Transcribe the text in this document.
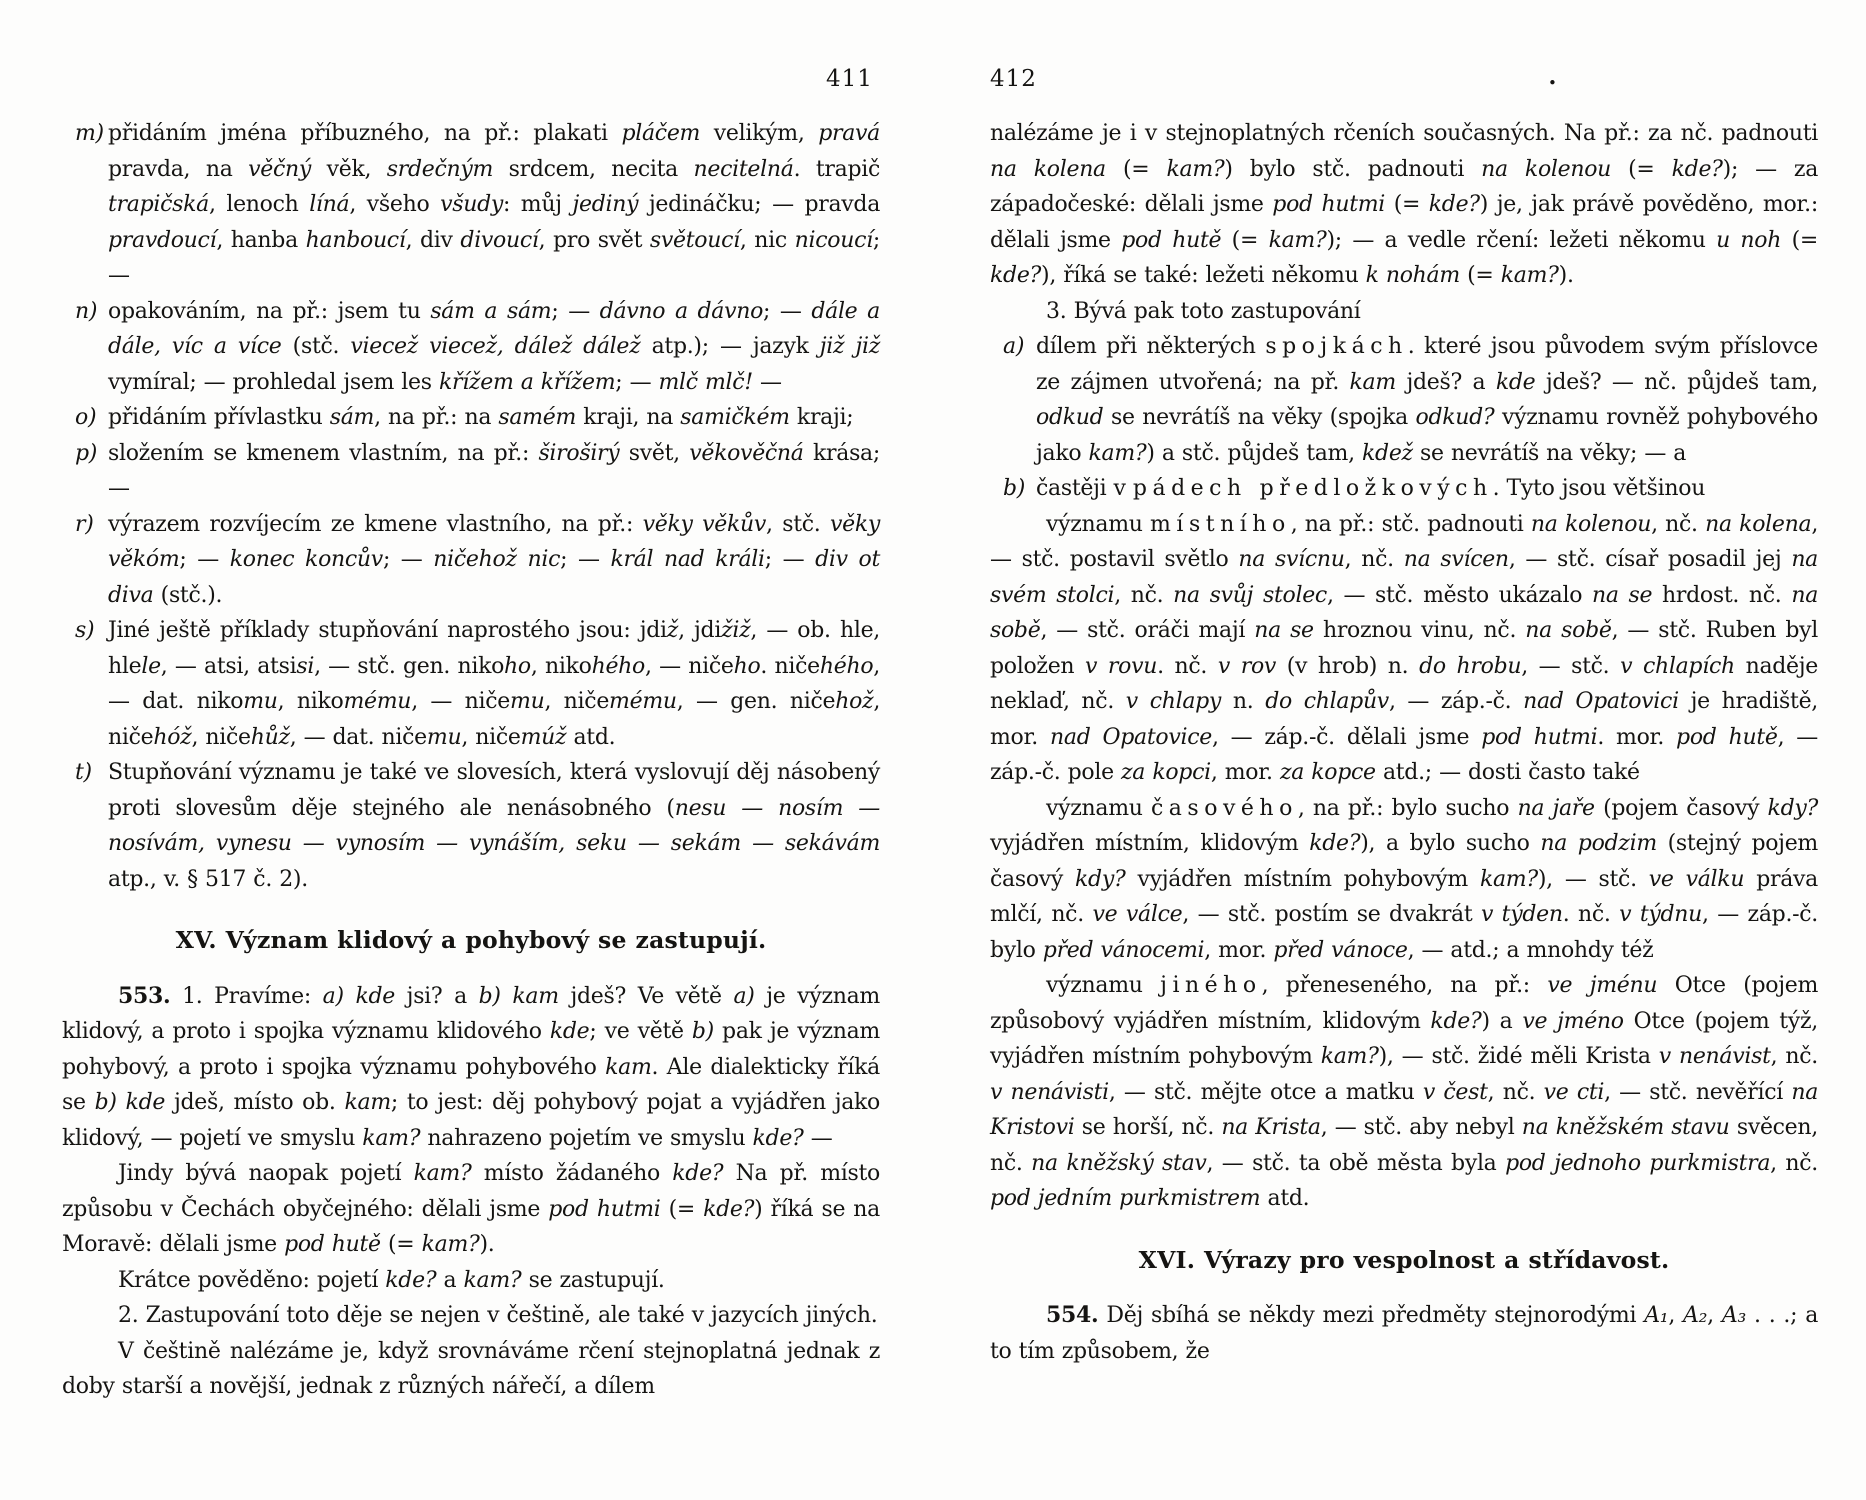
411	412	•
m) přidáním jména příbuzného, na př.: plakati pláčem velikým, pravá pravda, na věčný věk, srdečným srdcem, necita necitelná. trapič trapičská, lenoch líná, všeho všudy: můj jediný jedináčku; — pravda pravdoucí, hanba hanboucí, div divoucí, pro svět světoucí, nic nicoucí; —
n) opakováním, na př.: jsem tu sám a sám; — dávno a dávno; — dále a dále, víc a více (stč. viecež viecež, dálež dálež atp.); — jazyk již již vymíral; — prohledal jsem les křížem a křížem; — mlč mlč! —
o) přidáním přívlastku sám, na př.: na samém kraji, na samičkém kraji;
p) složením se kmenem vlastním, na př.: široširý svět, věkověčná krása; —
r) výrazem rozvíjecím ze kmene vlastního, na př.: věky věkův, stč. věky věkóm; — konec koncův; — ničehož nic; — král nad králi; — div ot diva (stč.).
s) Jiné ještě příklady stupňování naprostého jsou: jdiž, jdižiž, — ob. hle, hlele, — atsi, atsisi, — stč. gen. nikoho, nikohého, — ničeho. ničehého, — dat. nikomu, nikomému, — ničemu, ničemému, — gen. ničehož, ničehóž, ničehůž, — dat. ničemu, ničemúž atd.
t) Stupňování významu je také ve slovesích, která vyslovují děj násobený proti slovesům děje stejného ale nenásobného (nesu — nosím — nosívám, vynesu — vynosím — vynáším, seku — sekám — sekávám atp., v. § 517 č. 2).
XV. Význam klidový a pohybový se zastupují.

553. 1. Pravíme: a) kde jsi? a b) kam jdeš? Ve větě a) je význam klidový, a proto i spojka významu klidového kde; ve větě b) pak je význam pohybový, a proto i spojka významu pohybového kam. Ale dialekticky říká se b) kde jdeš, místo ob. kam; to jest: děj pohybový pojat a vyjádřen jako klidový, — pojetí ve smyslu kam? nahrazeno pojetím ve smyslu kde? —

Jindy bývá naopak pojetí kam? místo žádaného kde? Na př. místo způsobu v Čechách obyčejného: dělali jsme pod hutmi (= kde?) říká se na Moravě: dělali jsme pod hutě (= kam?).

Krátce pověděno: pojetí kde? a kam? se zastupují.

2. Zastupování toto děje se nejen v češtině, ale také v jazycích jiných.

V češtině nalézáme je, když srovnáváme rčení stejnoplatná jednak z doby starší a novější, jednak z různých nářečí, a dílem

nalézáme je i v stejnoplatných rčeních současných. Na př.: za nč. padnouti na kolena (= kam?) bylo stč. padnouti na kolenou (= kde?); — za západočeské: dělali jsme pod hutmi (= kde?) je, jak právě pověděno, mor.: dělali jsme pod hutě (= kam?); — a vedle rčení: ležeti někomu u noh (= kde?), říká se také: ležeti někomu k nohám (= kam?).

3. Bývá pak toto zastupování

a) dílem při některých spojkách. které jsou původem svým příslovce ze zájmen utvořená; na př. kam jdeš? a kde jdeš? — nč. půjdeš tam, odkud se nevrátíš na věky (spojka odkud? významu rovněž pohybového jako kam?) a stč. půjdeš tam, kdež se nevrátíš na věky; — a
b) častěji v pádech předložkových. Tyto jsou většinou

významu místního, na př.: stč. padnouti na kolenou, nč. na kolena, — stč. postavil světlo na svícnu, nč. na svícen, — stč. císař posadil jej na svém stolci, nč. na svůj stolec, — stč. město ukázalo na se hrdost. nč. na sobě, — stč. oráči mají na se hroznou vinu, nč. na sobě, — stč. Ruben byl položen v rovu. nč. v rov (v hrob) n. do hrobu, — stč. v chlapích naděje neklaď, nč. v chlapy n. do chlapův, — záp.-č. nad Opatovici je hradiště, mor. nad Opatovice, — záp.-č. dělali jsme pod hutmi. mor. pod hutě, — záp.-č. pole za kopci, mor. za kopce atd.; — dosti často také

významu časového, na př.: bylo sucho na jaře (pojem časový kdy? vyjádřen místním, klidovým kde?), a bylo sucho na podzim (stejný pojem časový kdy? vyjádřen místním pohybovým kam?), — stč. ve válku práva mlčí, nč. ve válce, — stč. postím se dvakrát v týden. nč. v týdnu, — záp.-č. bylo před vánocemi, mor. před vánoce, — atd.; a mnohdy též

významu jiného, přeneseného, na př.: ve jménu Otce (pojem způsobový vyjádřen místním, klidovým kde?) a ve jméno Otce (pojem týž, vyjádřen místním pohybovým kam?), — stč. židé měli Krista v nenávist, nč. v nenávisti, — stč. mějte otce a matku v čest, nč. ve cti, — stč. nevěřící na Kristovi se horší, nč. na Krista, — stč. aby nebyl na kněžském stavu svěcen, nč. na kněžský stav, — stč. ta obě města byla pod jednoho purkmistra, nč. pod jedním purkmistrem atd.

XVI. Výrazy pro vespolnost a střídavost.

554. Děj sbíhá se někdy mezi předměty stejnorodými A₁, A₂, A₃ . . .; a to tím způsobem, že
